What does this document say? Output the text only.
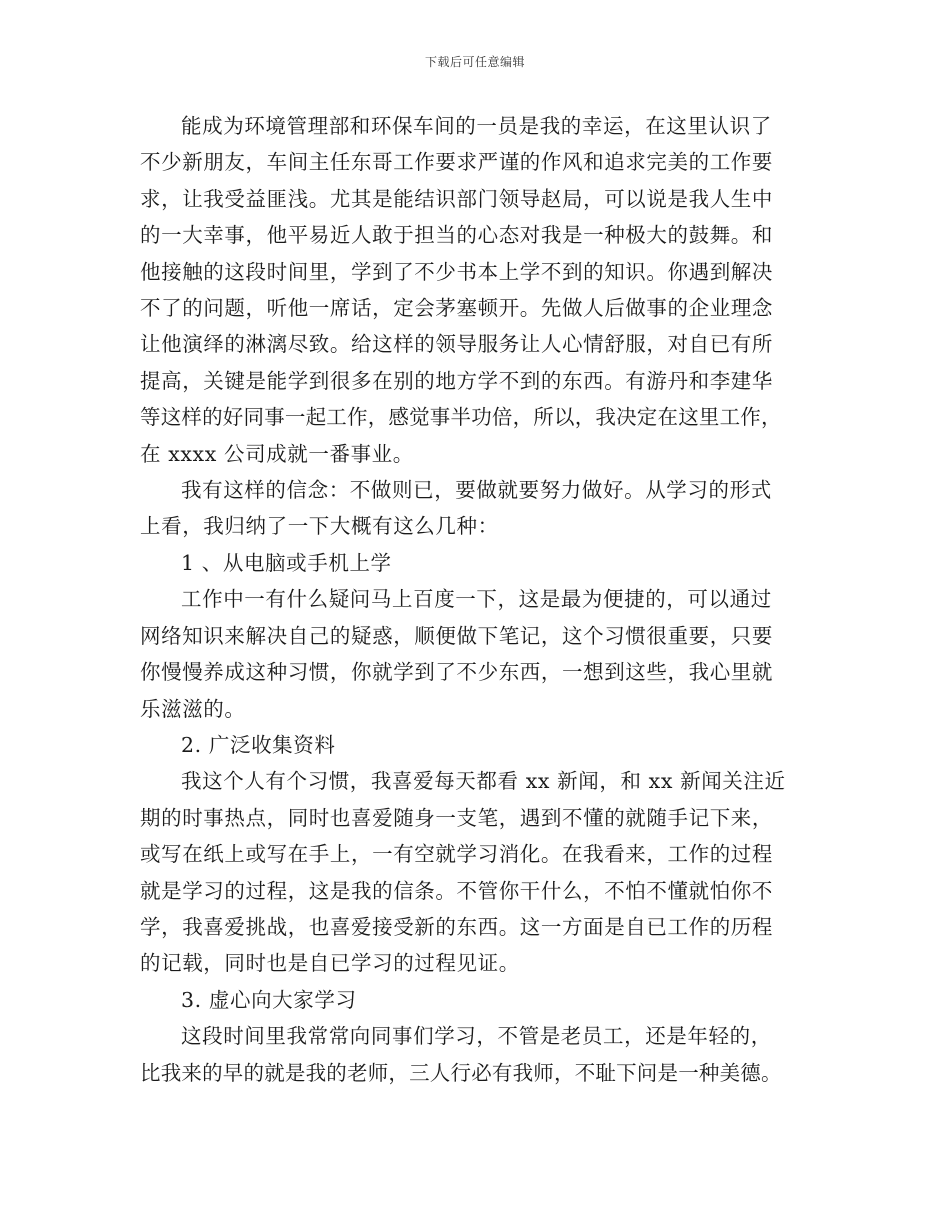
下载后可任意编辑

能成为环境管理部和环保车间的一员是我的幸运，在这里认识了
不少新朋友，车间主任东哥工作要求严谨的作风和追求完美的工作要
求，让我受益匪浅。尤其是能结识部门领导赵局，可以说是我人生中
的一大幸事，他平易近人敢于担当的心态对我是一种极大的鼓舞。和
他接触的这段时间里，学到了不少书本上学不到的知识。你遇到解决
不了的问题，听他一席话，定会茅塞顿开。先做人后做事的企业理念
让他演绎的淋漓尽致。给这样的领导服务让人心情舒服，对自已有所
提高，关键是能学到很多在别的地方学不到的东西。有游丹和李建华
等这样的好同事一起工作，感觉事半功倍，所以，我决定在这里工作，
在 xxxx 公司成就一番事业。

我有这样的信念：不做则已，要做就要努力做好。从学习的形式
上看，我归纳了一下大概有这么几种：

1 、从电脑或手机上学

工作中一有什么疑问马上百度一下，这是最为便捷的，可以通过
网络知识来解决自己的疑惑，顺便做下笔记，这个习惯很重要，只要
你慢慢养成这种习惯，你就学到了不少东西，一想到这些，我心里就
乐滋滋的。

2. 广泛收集资料

我这个人有个习惯，我喜爱每天都看 xx 新闻，和 xx 新闻关注近
期的时事热点，同时也喜爱随身一支笔，遇到不懂的就随手记下来，
或写在纸上或写在手上，一有空就学习消化。在我看来，工作的过程
就是学习的过程，这是我的信条。不管你干什么，不怕不懂就怕你不
学，我喜爱挑战，也喜爱接受新的东西。这一方面是自已工作的历程
的记载，同时也是自已学习的过程见证。

3. 虚心向大家学习

这段时间里我常常向同事们学习，不管是老员工，还是年轻的，
比我来的早的就是我的老师，三人行必有我师，不耻下问是一种美德。
